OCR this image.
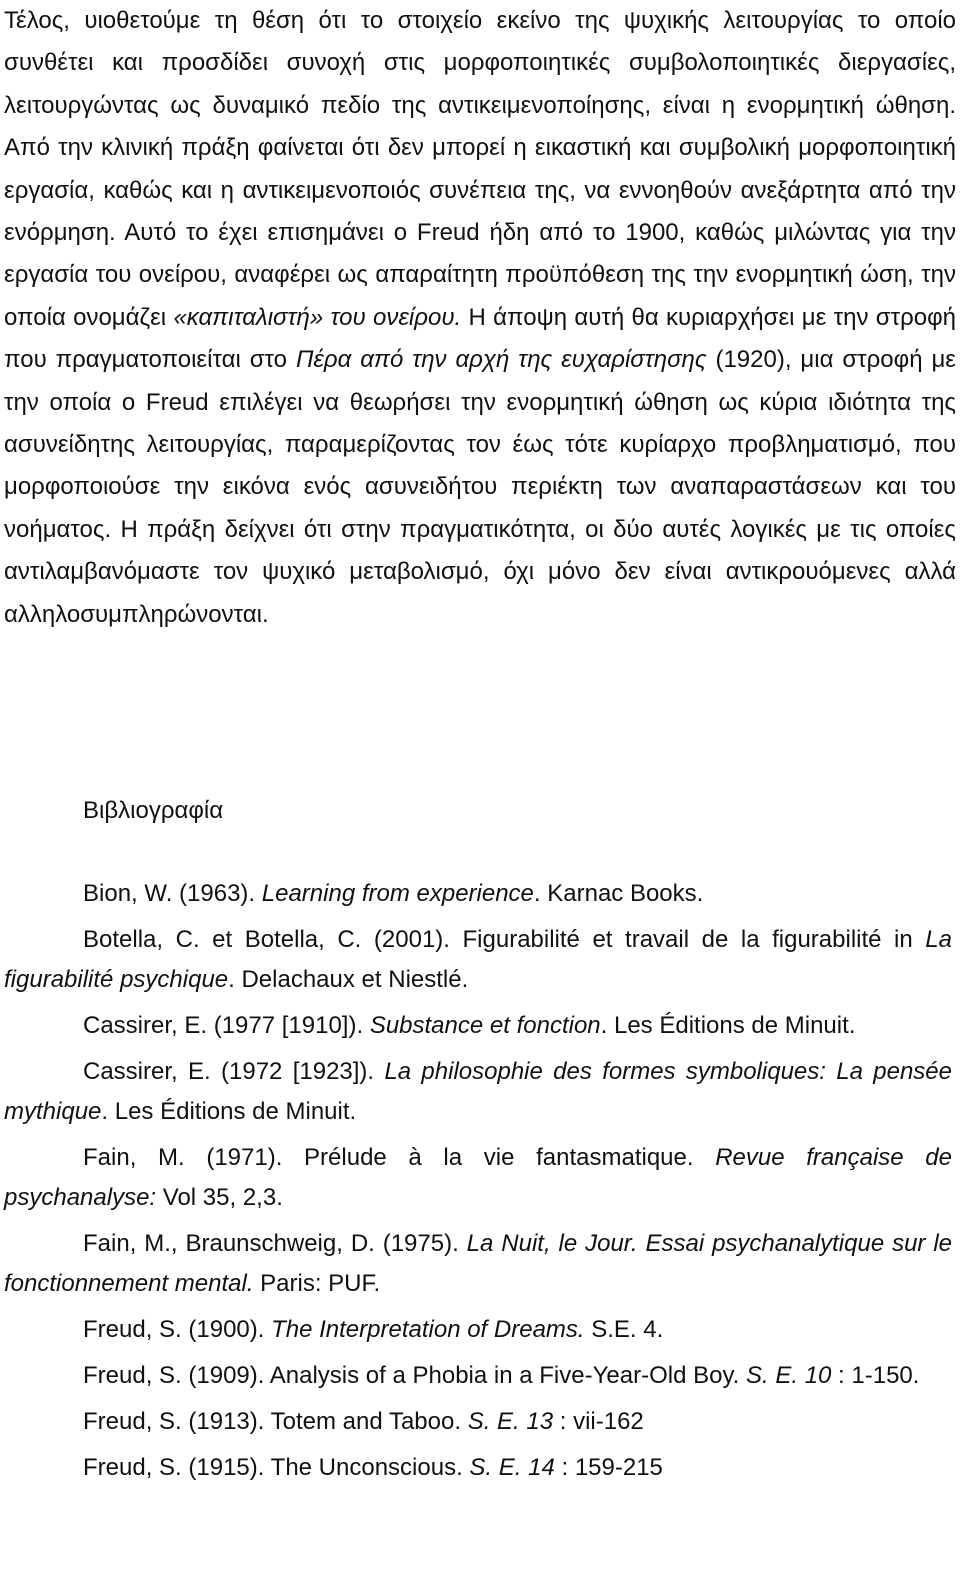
Τέλος, υιοθετούμε τη θέση ότι το στοιχείο εκείνο της ψυχικής λειτουργίας το οποίο συνθέτει και προσδίδει συνοχή στις μορφοποιητικές συμβολοποιητικές διεργασίες, λειτουργώντας ως δυναμικό πεδίο της αντικειμενοποίησης, είναι η ενορμητική ώθηση. Από την κλινική πράξη φαίνεται ότι δεν μπορεί η εικαστική και συμβολική μορφοποιητική εργασία, καθώς και η αντικειμενοποιός συνέπεια της, να εννοηθούν ανεξάρτητα από την ενόρμηση. Αυτό το έχει επισημάνει ο Freud ήδη από το 1900, καθώς μιλώντας για την εργασία του ονείρου, αναφέρει ως απαραίτητη προϋπόθεση της την ενορμητική ώση, την οποία ονομάζει «καπιταλιστή» του ονείρου. Η άποψη αυτή θα κυριαρχήσει με την στροφή που πραγματοποιείται στο Πέρα από την αρχή της ευχαρίστησης (1920), μια στροφή με την οποία ο Freud επιλέγει να θεωρήσει την ενορμητική ώθηση ως κύρια ιδιότητα της ασυνείδητης λειτουργίας, παραμερίζοντας τον έως τότε κυρίαρχο προβληματισμό, που μορφοποιούσε την εικόνα ενός ασυνειδήτου περιέκτη των αναπαραστάσεων και του νοήματος. Η πράξη δείχνει ότι στην πραγματικότητα, οι δύο αυτές λογικές με τις οποίες αντιλαμβανόμαστε τον ψυχικό μεταβολισμό, όχι μόνο δεν είναι αντικρουόμενες αλλά αλληλοσυμπληρώνονται.

Βιβλιογραφία

Bion, W. (1963). Learning from experience. Karnac Books.

Botella, C. et Botella, C. (2001). Figurabilité et travail de la figurabilité in La figurabilité psychique. Delachaux et Niestlé.

Cassirer, E. (1977 [1910]). Substance et fonction. Les Éditions de Minuit.

Cassirer, E. (1972 [1923]). La philosophie des formes symboliques: La pensée mythique. Les Éditions de Minuit.

Fain, M. (1971). Prélude à la vie fantasmatique. Revue française de psychanalyse: Vol 35, 2,3.

Fain, M., Braunschweig, D. (1975). La Nuit, le Jour. Essai psychanalytique sur le fonctionnement mental. Paris: PUF.

Freud, S. (1900). The Interpretation of Dreams. S.E. 4.

Freud, S. (1909). Analysis of a Phobia in a Five-Year-Old Boy. S. E. 10 : 1-150.

Freud, S. (1913). Totem and Taboo. S. E. 13 : vii-162

Freud, S. (1915). The Unconscious. S. E. 14 : 159-215
